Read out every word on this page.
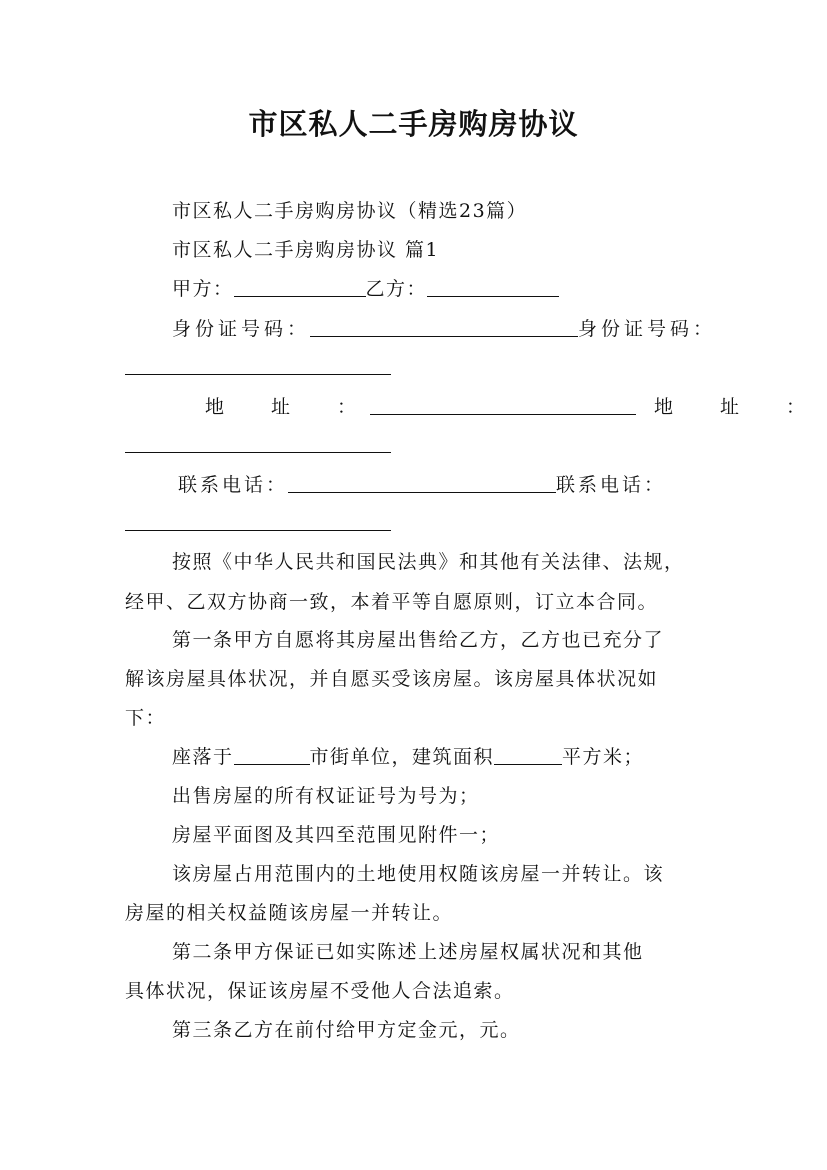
市区私人二手房购房协议
市区私人二手房购房协议（精选23篇）
市区私人二手房购房协议 篇1
甲方：	乙方：
身份证号码：	身份证号码：
地　址　：	地　址　：
联系电话：	联系电话：
按照《中华人民共和国民法典》和其他有关法律、法规，
经甲、乙双方协商一致，本着平等自愿原则，订立本合同。
第一条甲方自愿将其房屋出售给乙方，乙方也已充分了
解该房屋具体状况，并自愿买受该房屋。该房屋具体状况如
下：
座落于	市街单位，建筑面积	平方米；
出售房屋的所有权证证号为号为；
房屋平面图及其四至范围见附件一；
该房屋占用范围内的土地使用权随该房屋一并转让。该
房屋的相关权益随该房屋一并转让。
第二条甲方保证已如实陈述上述房屋权属状况和其他
具体状况，保证该房屋不受他人合法追索。
第三条乙方在前付给甲方定金元，元。
